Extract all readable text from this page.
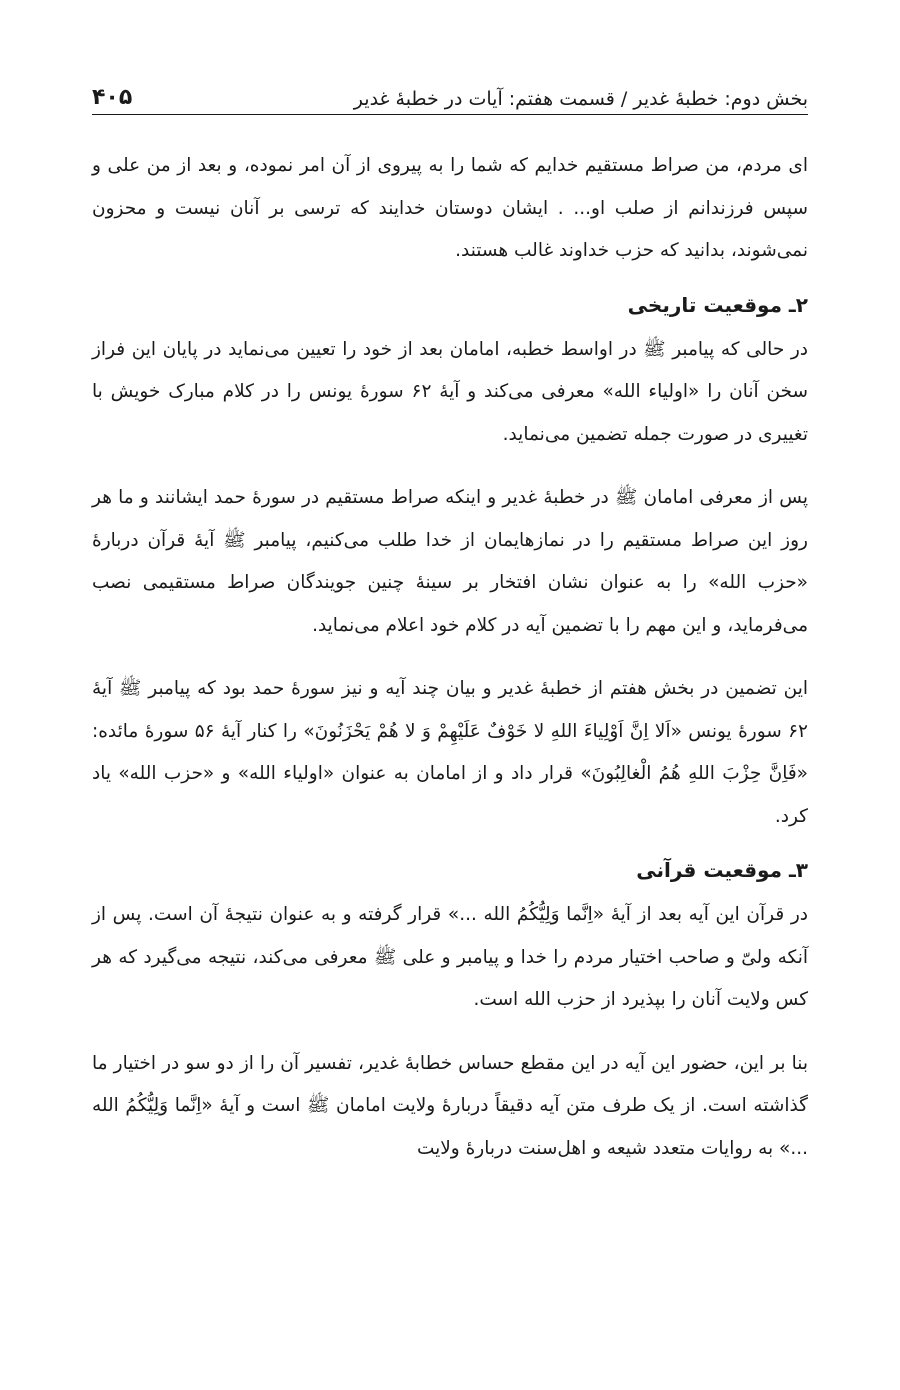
بخش دوم: خطبهٔ غدیر / قسمت هفتم: آیات در خطبهٔ غدیر
۴۰۵

ای مردم، من صراط مستقیم خدایم که شما را به پیروی از آن امر نموده، و بعد از من علی و سپس فرزندانم از صلب او... . ایشان دوستان خدایند که ترسی بر آنان نیست و محزون نمی‌شوند، بدانید که حزب خداوند غالب هستند.

۲ـ موقعیت تاریخی

در حالی که پیامبر ﷺ در اواسط خطبه، امامان بعد از خود را تعیین می‌نماید در پایان این فراز سخن آنان را «اولیاء الله» معرفی می‌کند و آیهٔ ۶۲ سورهٔ یونس را در کلام مبارک خویش با تغییری در صورت جمله تضمین می‌نماید.

پس از معرفی امامان ﷺ در خطبهٔ غدیر و اینکه صراط مستقیم در سورهٔ حمد ایشانند و ما هر روز این صراط مستقیم را در نمازهایمان از خدا طلب می‌کنیم، پیامبر ﷺ آیهٔ قرآن دربارهٔ «حزب الله» را به عنوان نشان افتخار بر سینهٔ چنین جویندگان صراط مستقیمی نصب می‌فرماید، و این مهم را با تضمین آیه در کلام خود اعلام می‌نماید.

این تضمین در بخش هفتم از خطبهٔ غدیر و بیان چند آیه و نیز سورهٔ حمد بود که پیامبر ﷺ آیهٔ ۶۲ سورهٔ یونس «اَلا اِنَّ اَوْلِیاءَ اللهِ لا خَوْفٌ عَلَیْهِمْ وَ لا هُمْ یَحْزَنُونَ» را کنار آیهٔ ۵۶ سورهٔ مائده: «فَاِنَّ حِزْبَ اللهِ هُمُ الْغالِبُونَ» قرار داد و از امامان به عنوان «اولیاء الله» و «حزب الله» یاد کرد.

۳ـ موقعیت قرآنی

در قرآن این آیه بعد از آیهٔ «اِنَّما وَلِیُّکُمُ الله ...» قرار گرفته و به عنوان نتیجهٔ آن است. پس از آنکه ولیّ و صاحب اختیار مردم را خدا و پیامبر و علی ﷺ معرفی می‌کند، نتیجه می‌گیرد که هر کس ولایت آنان را بپذیرد از حزب الله است.

بنا بر این، حضور این آیه در این مقطع حساس خطابهٔ غدیر، تفسیر آن را از دو سو در اختیار ما گذاشته است. از یک طرف متن آیه دقیقاً دربارهٔ ولایت امامان ﷺ است و آیهٔ «اِنَّما وَلِیُّکُمُ الله ...» به روایات متعدد شیعه و اهل‌سنت دربارهٔ ولایت
